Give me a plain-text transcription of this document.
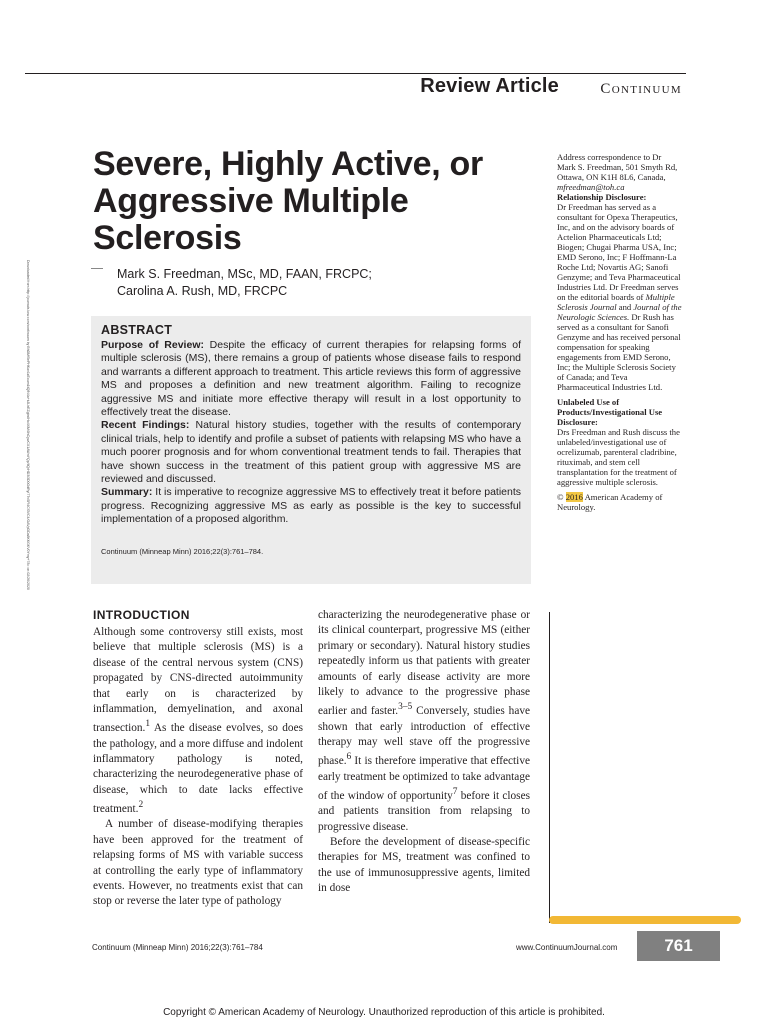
Downloaded from http://journals.lww.com/continuum by BhDMf5ePHKav1zEoum1tQfN4a+kJLhEZgbsIHo4XMi0hCywCX1AWnYQp/IlQrHD3i3D0OdRyi7TvSFl4Cf3VC4/OAVpDDa8KKGKV0Ymy+78= on 02/26/2020
Review Article	Continuum
Severe, Highly Active, or Aggressive Multiple Sclerosis
Mark S. Freedman, MSc, MD, FAAN, FRCPC;
Carolina A. Rush, MD, FRCPC

ABSTRACT

Purpose of Review: Despite the efficacy of current therapies for relapsing forms of multiple sclerosis (MS), there remains a group of patients whose disease fails to respond and warrants a different approach to treatment. This article reviews this form of aggressive MS and proposes a definition and new treatment algorithm. Failing to recognize aggressive MS and initiate more effective therapy will result in a lost opportunity to effectively treat the disease.

Recent Findings: Natural history studies, together with the results of contemporary clinical trials, help to identify and profile a subset of patients with relapsing MS who have a much poorer prognosis and for whom conventional treatment tends to fail. Therapies that have shown success in the treatment of this patient group with aggressive MS are reviewed and discussed.

Summary: It is imperative to recognize aggressive MS to effectively treat it before patients progress. Recognizing aggressive MS as early as possible is the key to successful implementation of a proposed algorithm.

Continuum (Minneap Minn) 2016;22(3):761–784.

Address correspondence to Dr Mark S. Freedman, 501 Smyth Rd, Ottawa, ON K1H 8L6, Canada, mfreedman@toh.ca

Relationship Disclosure:

Dr Freedman has served as a consultant for Opexa Therapeutics, Inc, and on the advisory boards of Actelion Pharmaceuticals Ltd; Biogen; Chugai Pharma USA, Inc; EMD Serono, Inc; F Hoffmann-La Roche Ltd; Novartis AG; Sanofi Genzyme; and Teva Pharmaceutical Industries Ltd. Dr Freedman serves on the editorial boards of Multiple Sclerosis Journal and Journal of the Neurologic Sciences. Dr Rush has served as a consultant for Sanofi Genzyme and has received personal compensation for speaking engagements from EMD Serono, Inc; the Multiple Sclerosis Society of Canada; and Teva Pharmaceutical Industries Ltd.

Unlabeled Use of Products/Investigational Use Disclosure:

Drs Freedman and Rush discuss the unlabeled/investigational use of ocrelizumab, parenteral cladribine, rituximab, and stem cell transplantation for the treatment of aggressive multiple sclerosis.

© 2016 American Academy of Neurology.

INTRODUCTION

Although some controversy still exists, most believe that multiple sclerosis (MS) is a disease of the central nervous system (CNS) propagated by CNS-directed autoimmunity that early on is characterized by inflammation, demyelination, and axonal transection.$^1$ As the disease evolves, so does the pathology, and a more diffuse and indolent inflammatory pathology is noted, characterizing the neurodegenerative phase of disease, which to date lacks effective treatment.$^2$

A number of disease-modifying therapies have been approved for the treatment of relapsing forms of MS with variable success at controlling the early type of inflammatory events. However, no treatments exist that can stop or reverse the later type of pathology

characterizing the neurodegenerative phase or its clinical counterpart, progressive MS (either primary or secondary). Natural history studies repeatedly inform us that patients with greater amounts of early disease activity are more likely to advance to the progressive phase earlier and faster.$^{3-5}$ Conversely, studies have shown that early introduction of effective therapy may well stave off the progressive phase.$^6$ It is therefore imperative that effective early treatment be optimized to take advantage of the window of opportunity$^7$ before it closes and patients transition from relapsing to progressive disease.

Before the development of disease-specific therapies for MS, treatment was confined to the use of immunosuppressive agents, limited in dose

Continuum (Minneap Minn) 2016;22(3):761–784	www.ContinuumJournal.com	761
Copyright © American Academy of Neurology. Unauthorized reproduction of this article is prohibited.
